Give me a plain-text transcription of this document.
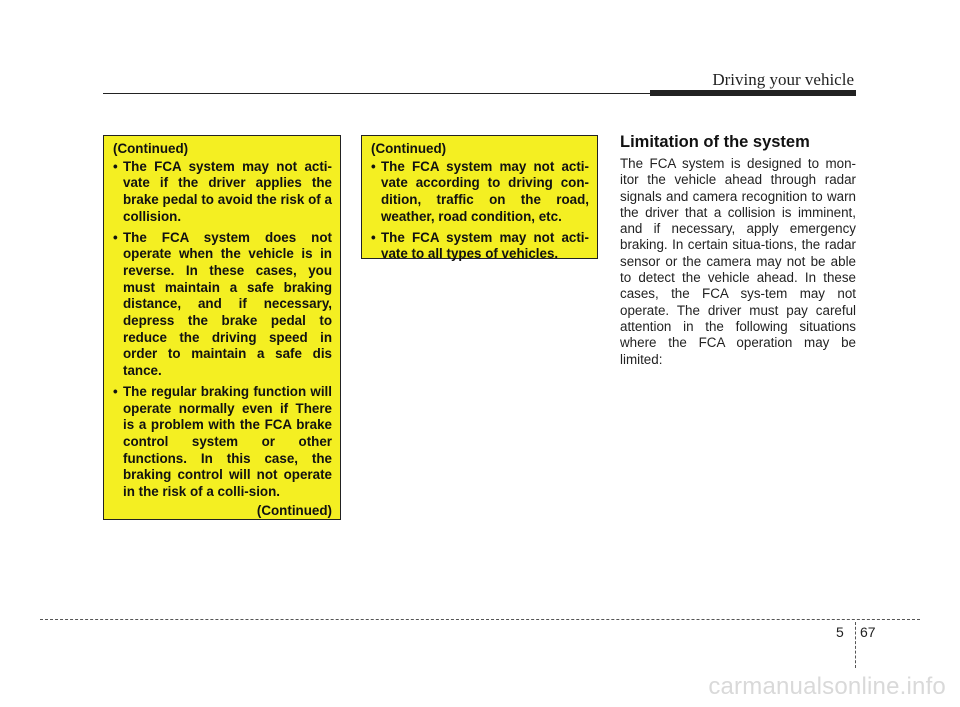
Driving your vehicle
(Continued)
• The FCA system may not acti-vate if the driver applies the brake pedal to avoid the risk of a collision.
• The FCA system does not operate when the vehicle is in reverse. In these cases, you must maintain a safe braking distance, and if necessary, depress the brake pedal to reduce the driving speed in order to maintain a safe dis tance.
• The regular braking function will operate normally even if There is a problem with the FCA brake control system or other functions. In this case, the braking control will not operate in the risk of a colli-sion.
(Continued)
(Continued)
• The FCA system may not acti-vate according to driving con-dition, traffic on the road, weather, road condition, etc.
• The FCA system may not acti-vate to all types of vehicles.
Limitation of the system

The FCA system is designed to mon-itor the vehicle ahead through radar signals and camera recognition to warn the driver that a collision is imminent, and if necessary, apply emergency braking. In certain situa-tions, the radar sensor or the camera may not be able to detect the vehicle ahead. In these cases, the FCA sys-tem may not operate. The driver must pay careful attention in the following situations where the FCA operation may be limited:

5 67
carmanualsonline.info
